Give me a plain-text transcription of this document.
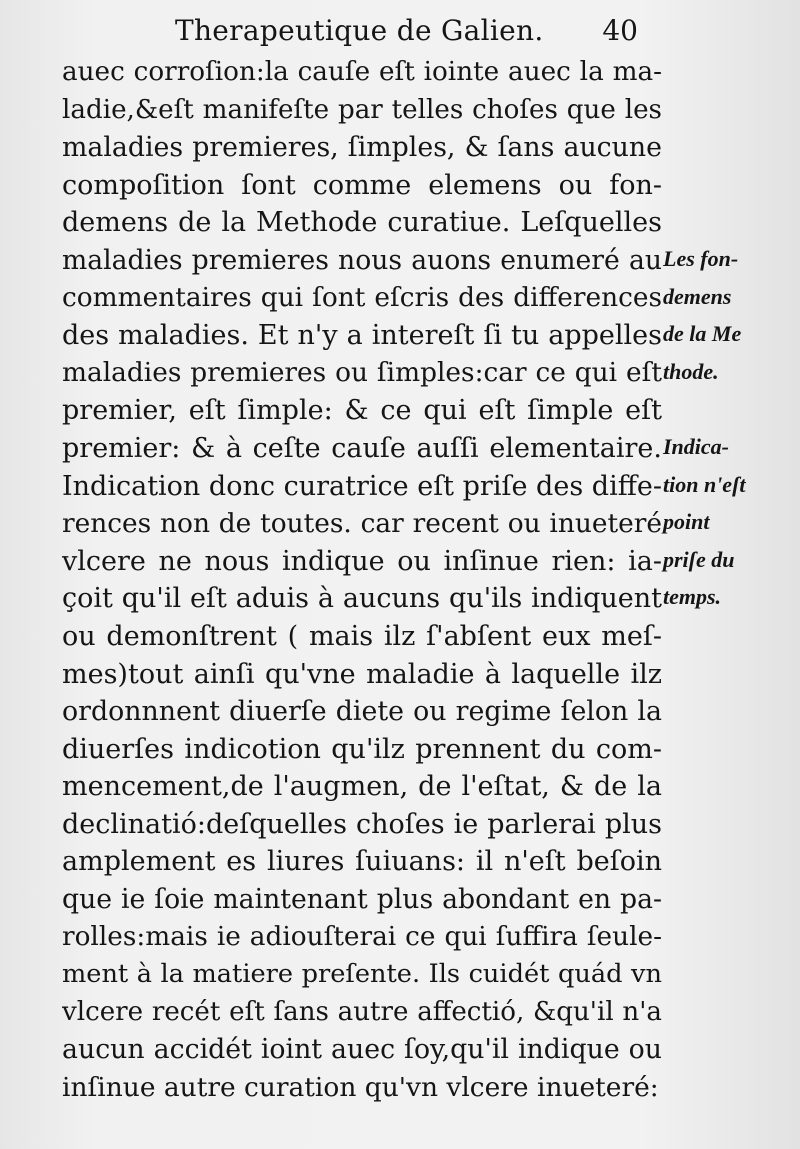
Therapeutique de Galien. 40
auec corroſion:la cauſe eſt iointe auec la ma-
ladie,&eſt manifeſte par telles choſes que les
maladies premieres, ſimples, & ſans aucune
compoſition ſont comme elemens ou fon-
demens de la Methode curatiue. Leſquelles
maladies premieres nous auons enumeré au
commentaires qui ſont eſcris des differences
des maladies. Et n'y a intereſt ſi tu appelles
maladies premieres ou ſimples:car ce qui eſt
premier, eſt ſimple: & ce qui eſt ſimple eſt
premier: & à ceſte cauſe auſſi elementaire.
Indication donc curatrice eſt priſe des diffe-
rences non de toutes. car recent ou inueteré
vlcere ne nous indique ou inſinue rien: ia-
çoit qu'il eſt aduis à aucuns qu'ils indiquent
ou demonſtrent ( mais ilz ſ'abſent eux meſ-
mes)tout ainſi qu'vne maladie à laquelle ilz
ordonnnent diuerſe diete ou regime ſelon la
diuerſes indicotion qu'ilz prennent du com-
mencement,de l'augmen, de l'eſtat, & de la
declinatió:deſquelles choſes ie parlerai plus
amplement es liures ſuiuans: il n'eſt beſoin
que ie ſoie maintenant plus abondant en pa-
rolles:mais ie adiouſterai ce qui ſuffira ſeule-
ment à la matiere preſente. Ils cuidét quád vn
vlcere recét eſt ſans autre affectió, &qu'il n'a
aucun accidét ioint auec ſoy,qu'il indique ou
inſinue autre curation qu'vn vlcere inueteré:
Les fon-
demens
de la Me
thode.
Indica-
tion n'eſt
point
priſe du
temps.
